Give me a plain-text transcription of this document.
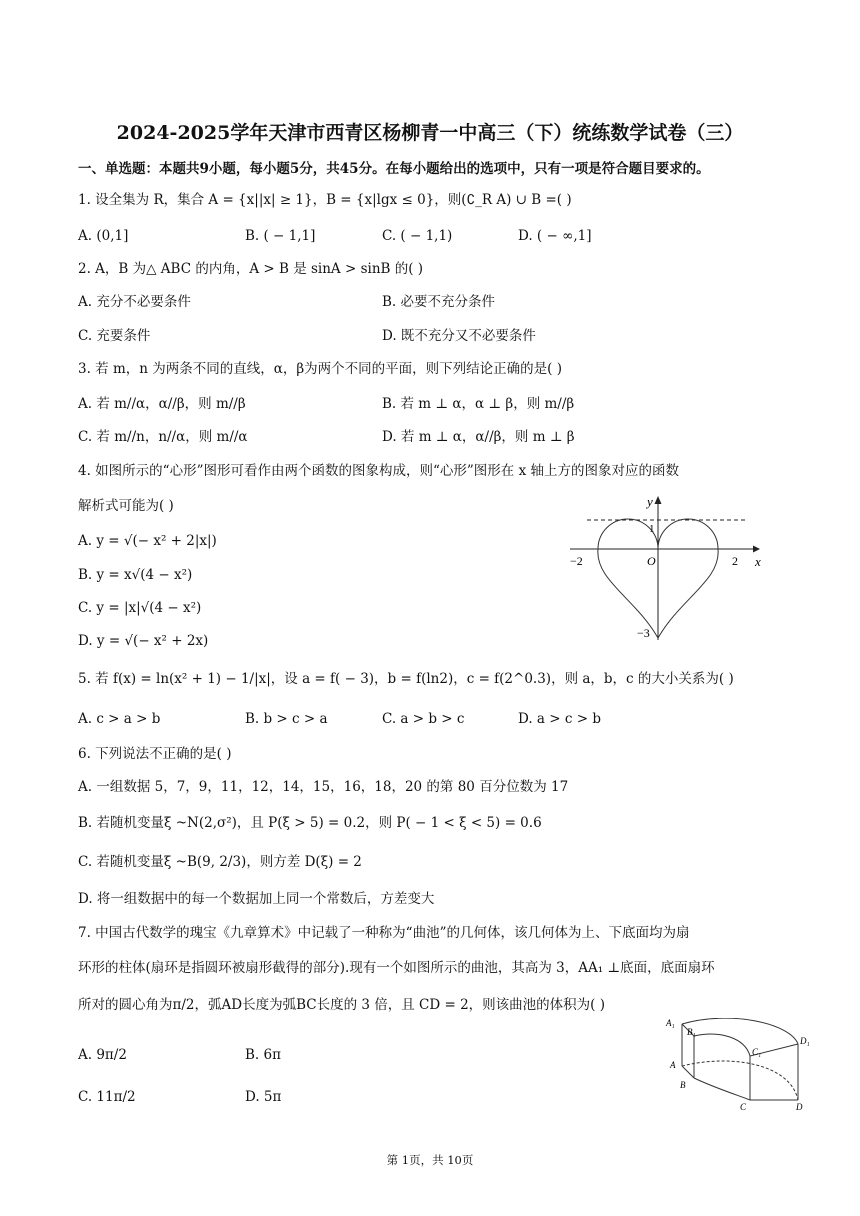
2024-2025学年天津市西青区杨柳青一中高三（下）统练数学试卷（三）
一、单选题：本题共9小题，每小题5分，共45分。在每小题给出的选项中，只有一项是符合题目要求的。
1. 设全集为 R，集合 A = {x||x| ≥ 1}，B = {x|lgx ≤ 0}，则(∁_R A) ∪ B =( )
A. (0,1]	B. ( − 1,1]	C. ( − 1,1)	D. ( − ∞,1]
2. A，B 为△ ABC 的内角，A > B 是 sinA > sinB 的( )
A. 充分不必要条件	B. 必要不充分条件
C. 充要条件	D. 既不充分又不必要条件
3. 若 m，n 为两条不同的直线，α，β为两个不同的平面，则下列结论正确的是( )
A. 若 m//α，α//β，则 m//β	B. 若 m ⊥ α，α ⊥ β，则 m//β
C. 若 m//n，n//α，则 m//α	D. 若 m ⊥ α，α//β，则 m ⊥ β
4. 如图所示的“心形”图形可看作由两个函数的图象构成，则“心形”图形在 x 轴上方的图象对应的函数
解析式可能为( )
A. y = √(− x² + 2|x|)
B. y = x√(4 − x²)
C. y = |x|√(4 − x²)
D. y = √(− x² + 2x)
y
x
O
1
−2	2
−3
5. 若 f(x) = ln(x² + 1) − 1/|x|，设 a = f( − 3)，b = f(ln2)，c = f(2^0.3)，则 a，b，c 的大小关系为( )
A. c > a > b	B. b > c > a	C. a > b > c	D. a > c > b
6. 下列说法不正确的是( )
A. 一组数据 5，7，9，11，12，14，15，16，18，20 的第 80 百分位数为 17
B. 若随机变量ξ ~N(2,σ²)，且 P(ξ > 5) = 0.2，则 P( − 1 < ξ < 5) = 0.6
C. 若随机变量ξ ~B(9, 2/3)，则方差 D(ξ) = 2
D. 将一组数据中的每一个数据加上同一个常数后，方差变大
7. 中国古代数学的瑰宝《九章算术》中记载了一种称为“曲池”的几何体，该几何体为上、下底面均为扇
环形的柱体(扇环是指圆环被扇形截得的部分).现有一个如图所示的曲池，其高为 3，AA₁ ⊥底面，底面扇环
所对的圆心角为π/2，弧AD长度为弧BC长度的 3 倍，且 CD = 2，则该曲池的体积为( )
A. 9π/2	B. 6π
C. 11π/2	D. 5π
A₁
B₁
C₁
D₁
A
B
C	D
第 1页，共 10页
